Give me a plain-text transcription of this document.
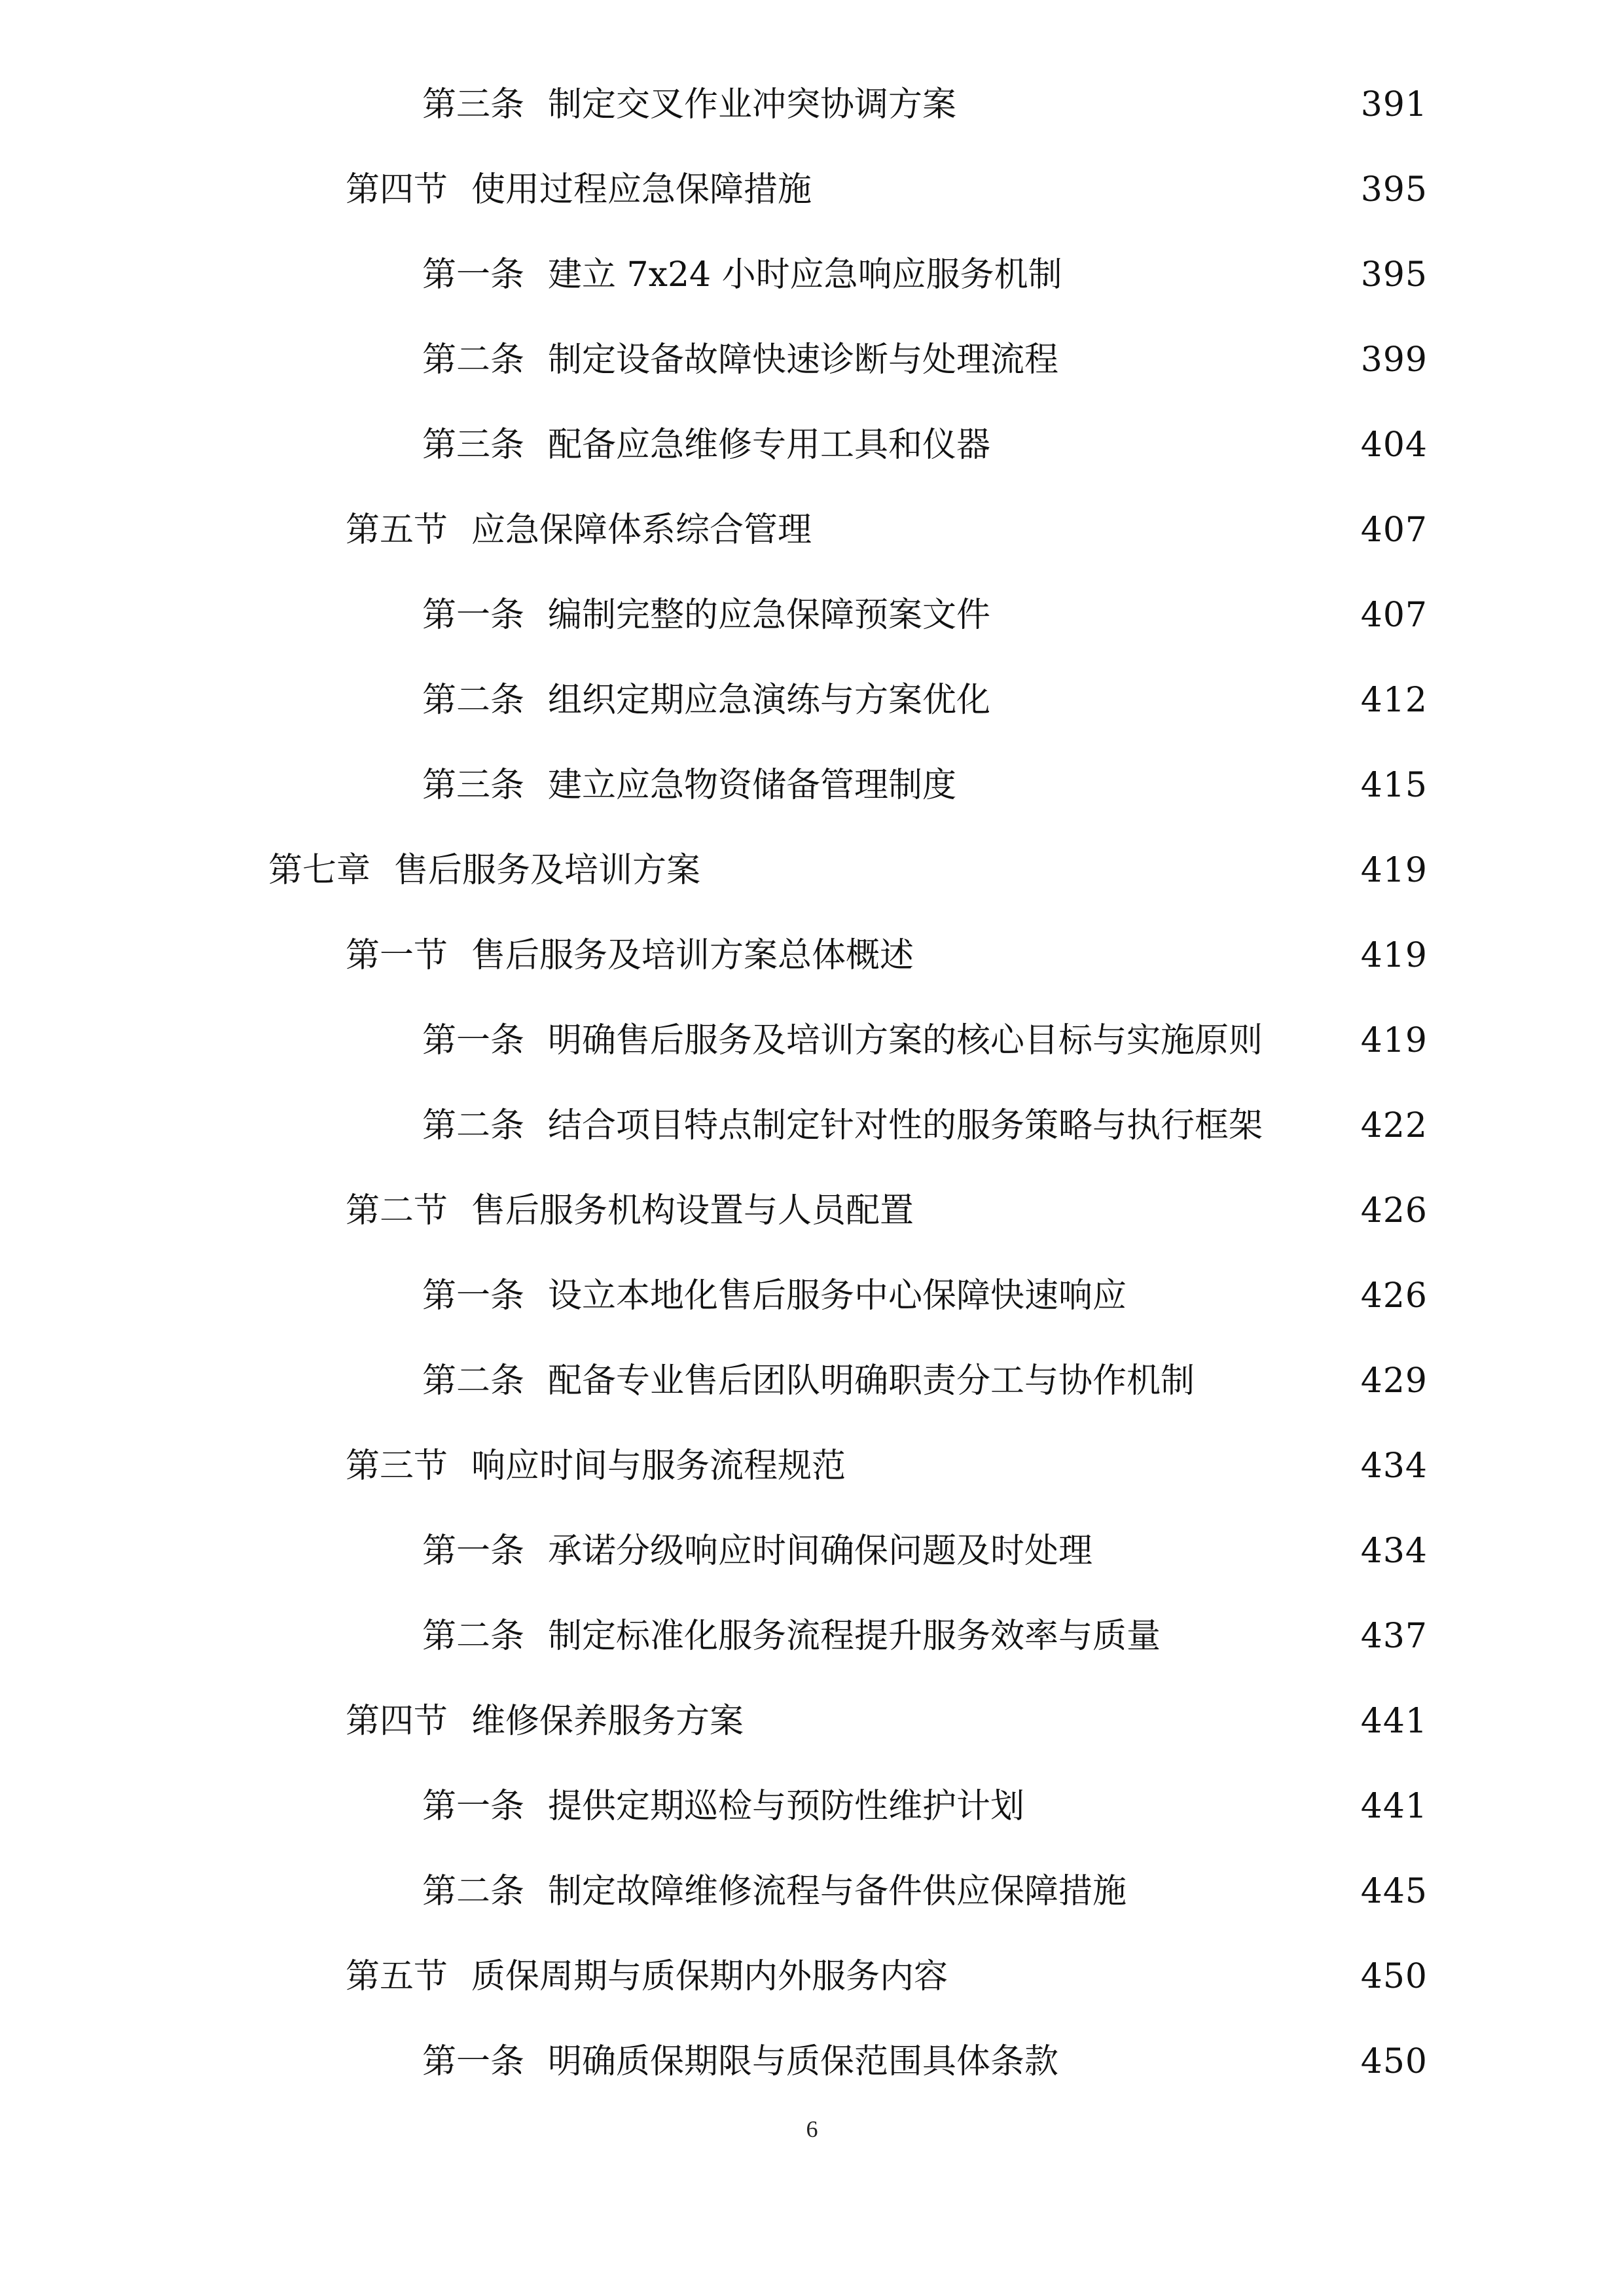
第三条 制定交叉作业冲突协调方案	391
第四节 使用过程应急保障措施	395
第一条 建立 7x24 小时应急响应服务机制	395
第二条 制定设备故障快速诊断与处理流程	399
第三条 配备应急维修专用工具和仪器	404
第五节 应急保障体系综合管理	407
第一条 编制完整的应急保障预案文件	407
第二条 组织定期应急演练与方案优化	412
第三条 建立应急物资储备管理制度	415
第七章 售后服务及培训方案	419
第一节 售后服务及培训方案总体概述	419
第一条 明确售后服务及培训方案的核心目标与实施原则	419
第二条 结合项目特点制定针对性的服务策略与执行框架	422
第二节 售后服务机构设置与人员配置	426
第一条 设立本地化售后服务中心保障快速响应	426
第二条 配备专业售后团队明确职责分工与协作机制	429
第三节 响应时间与服务流程规范	434
第一条 承诺分级响应时间确保问题及时处理	434
第二条 制定标准化服务流程提升服务效率与质量	437
第四节 维修保养服务方案	441
第一条 提供定期巡检与预防性维护计划	441
第二条 制定故障维修流程与备件供应保障措施	445
第五节 质保周期与质保期内外服务内容	450
第一条 明确质保期限与质保范围具体条款	450
6
